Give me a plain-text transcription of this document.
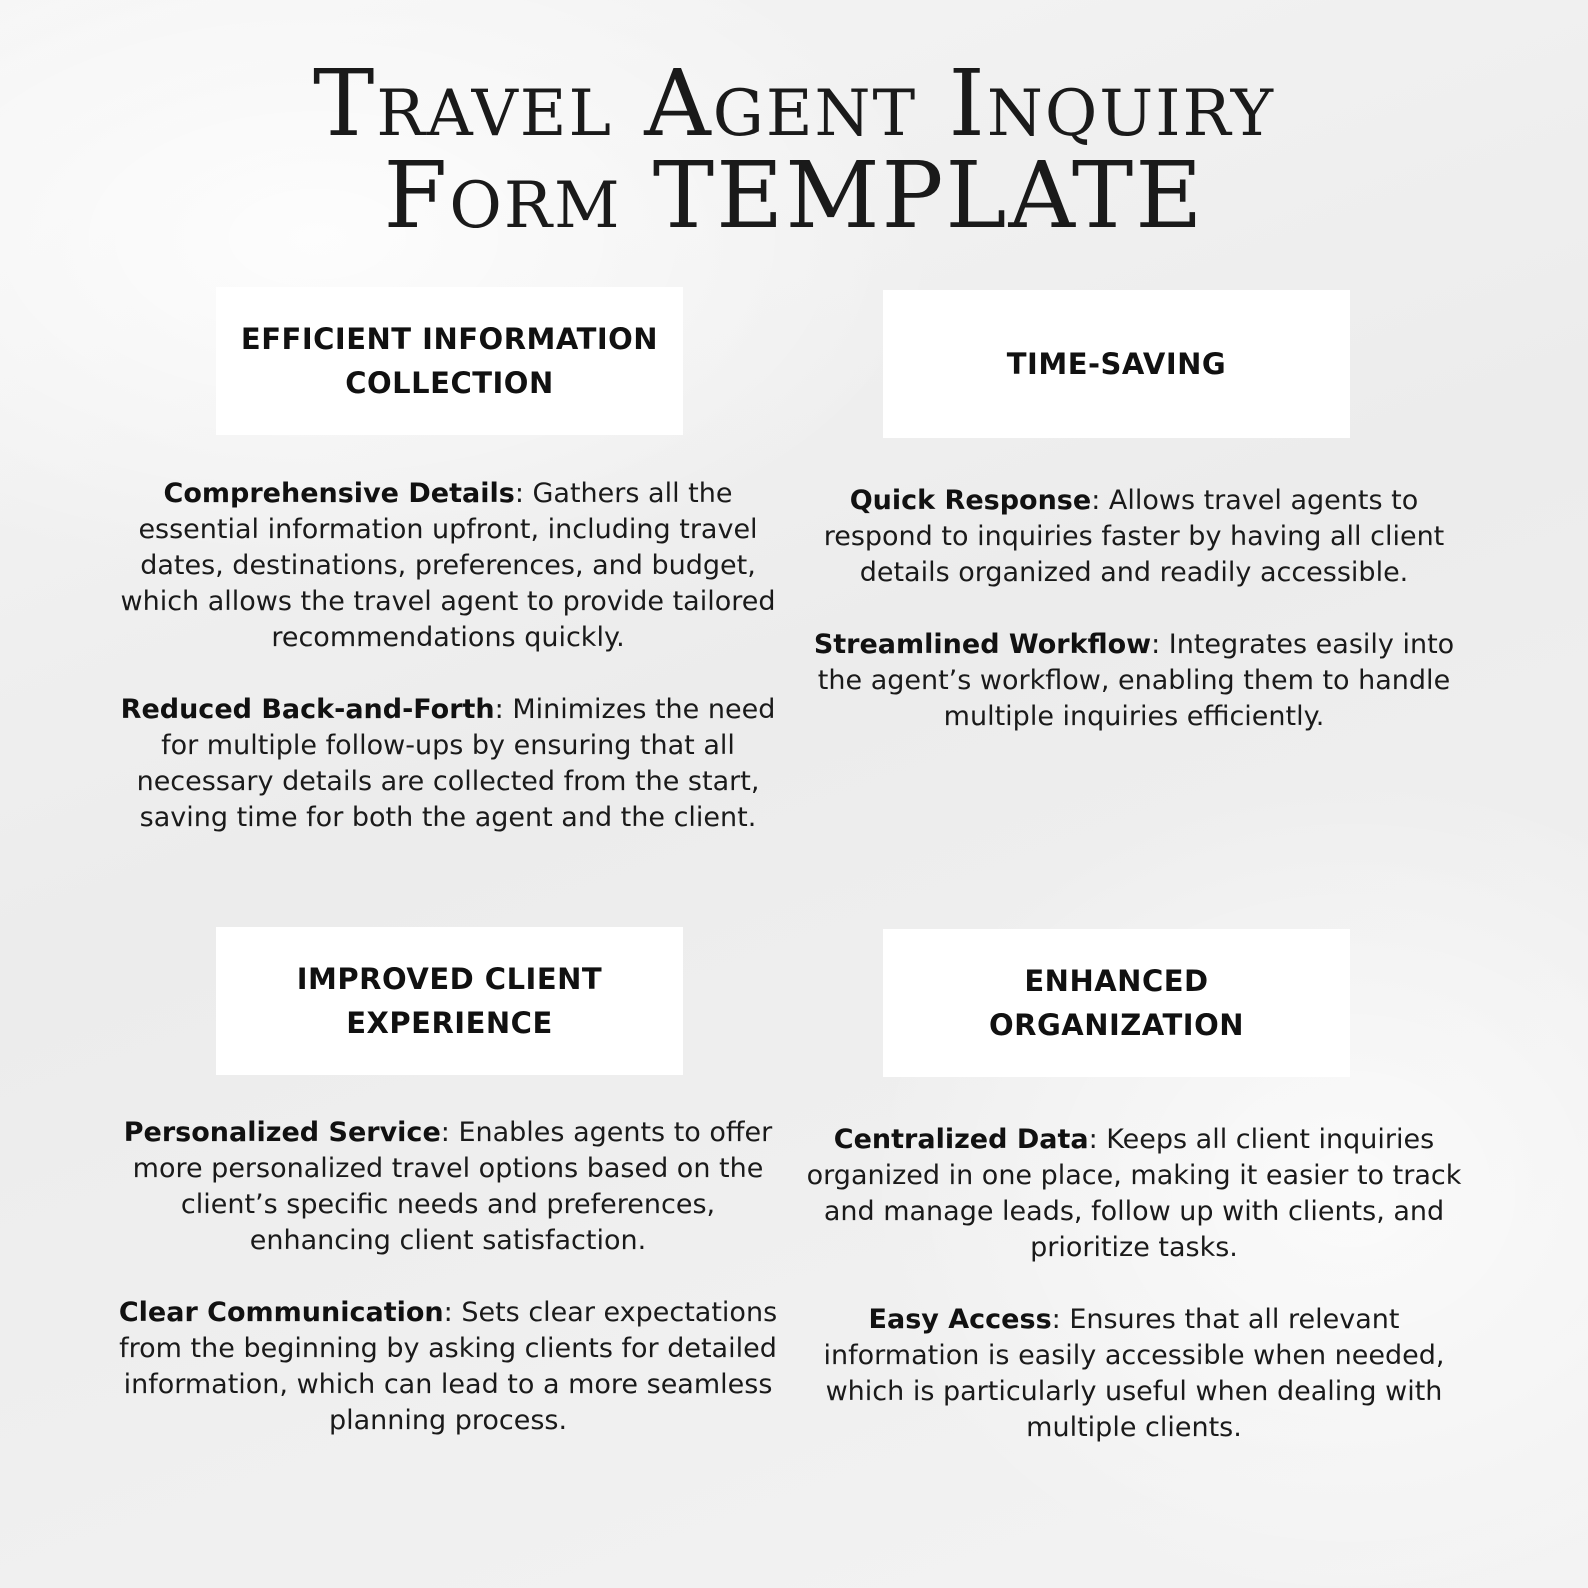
Travel Agent Inquiry
Form TEMPLATE
EFFICIENT INFORMATION COLLECTION

Comprehensive Details: Gathers all the essential information upfront, including travel dates, destinations, preferences, and budget, which allows the travel agent to provide tailored recommendations quickly.

Reduced Back-and-Forth: Minimizes the need for multiple follow-ups by ensuring that all necessary details are collected from the start, saving time for both the agent and the client.

TIME-SAVING

Quick Response: Allows travel agents to respond to inquiries faster by having all client details organized and readily accessible.

Streamlined Workflow: Integrates easily into the agent’s workflow, enabling them to handle multiple inquiries efficiently.

IMPROVED CLIENT EXPERIENCE

Personalized Service: Enables agents to offer more personalized travel options based on the client’s specific needs and preferences, enhancing client satisfaction.

Clear Communication: Sets clear expectations from the beginning by asking clients for detailed information, which can lead to a more seamless planning process.

ENHANCED ORGANIZATION

Centralized Data: Keeps all client inquiries organized in one place, making it easier to track and manage leads, follow up with clients, and prioritize tasks.

Easy Access: Ensures that all relevant information is easily accessible when needed, which is particularly useful when dealing with multiple clients.
